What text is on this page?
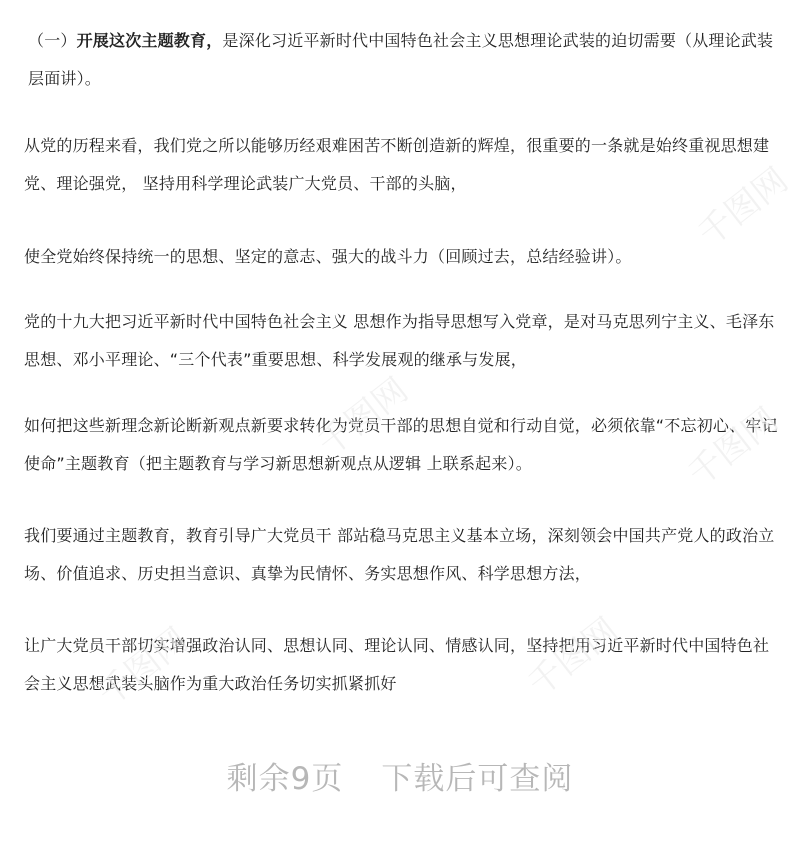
（一）开展这次主题教育，是深化习近平新时代中国特色社会主义思想理论武装的迫切需要（从理论武装层面讲）。

从党的历程来看，我们党之所以能够历经艰难困苦不断创造新的辉煌，很重要的一条就是始终重视思想建党、理论强党， 坚持用科学理论武装广大党员、干部的头脑，

使全党始终保持统一的思想、坚定的意志、强大的战斗力（回顾过去，总结经验讲）。

党的十九大把习近平新时代中国特色社会主义 思想作为指导思想写入党章，是对马克思列宁主义、毛泽东思想、邓小平理论、“三个代表”重要思想、科学发展观的继承与发展，

如何把这些新理念新论断新观点新要求转化为党员干部的思想自觉和行动自觉，必须依靠“不忘初心、牢记使命”主题教育（把主题教育与学习新思想新观点从逻辑 上联系起来）。

我们要通过主题教育，教育引导广大党员干 部站稳马克思主义基本立场，深刻领会中国共产党人的政治立场、价值追求、历史担当意识、真挚为民情怀、务实思想作风、科学思想方法，

让广大党员干部切实增强政治认同、思想认同、理论认同、情感认同，坚持把用习近平新时代中国特色社会主义思想武装头脑作为重大政治任务切实抓紧抓好

千图网
千图网	千图网
千图网	千图网
剩余9页 下载后可查阅
